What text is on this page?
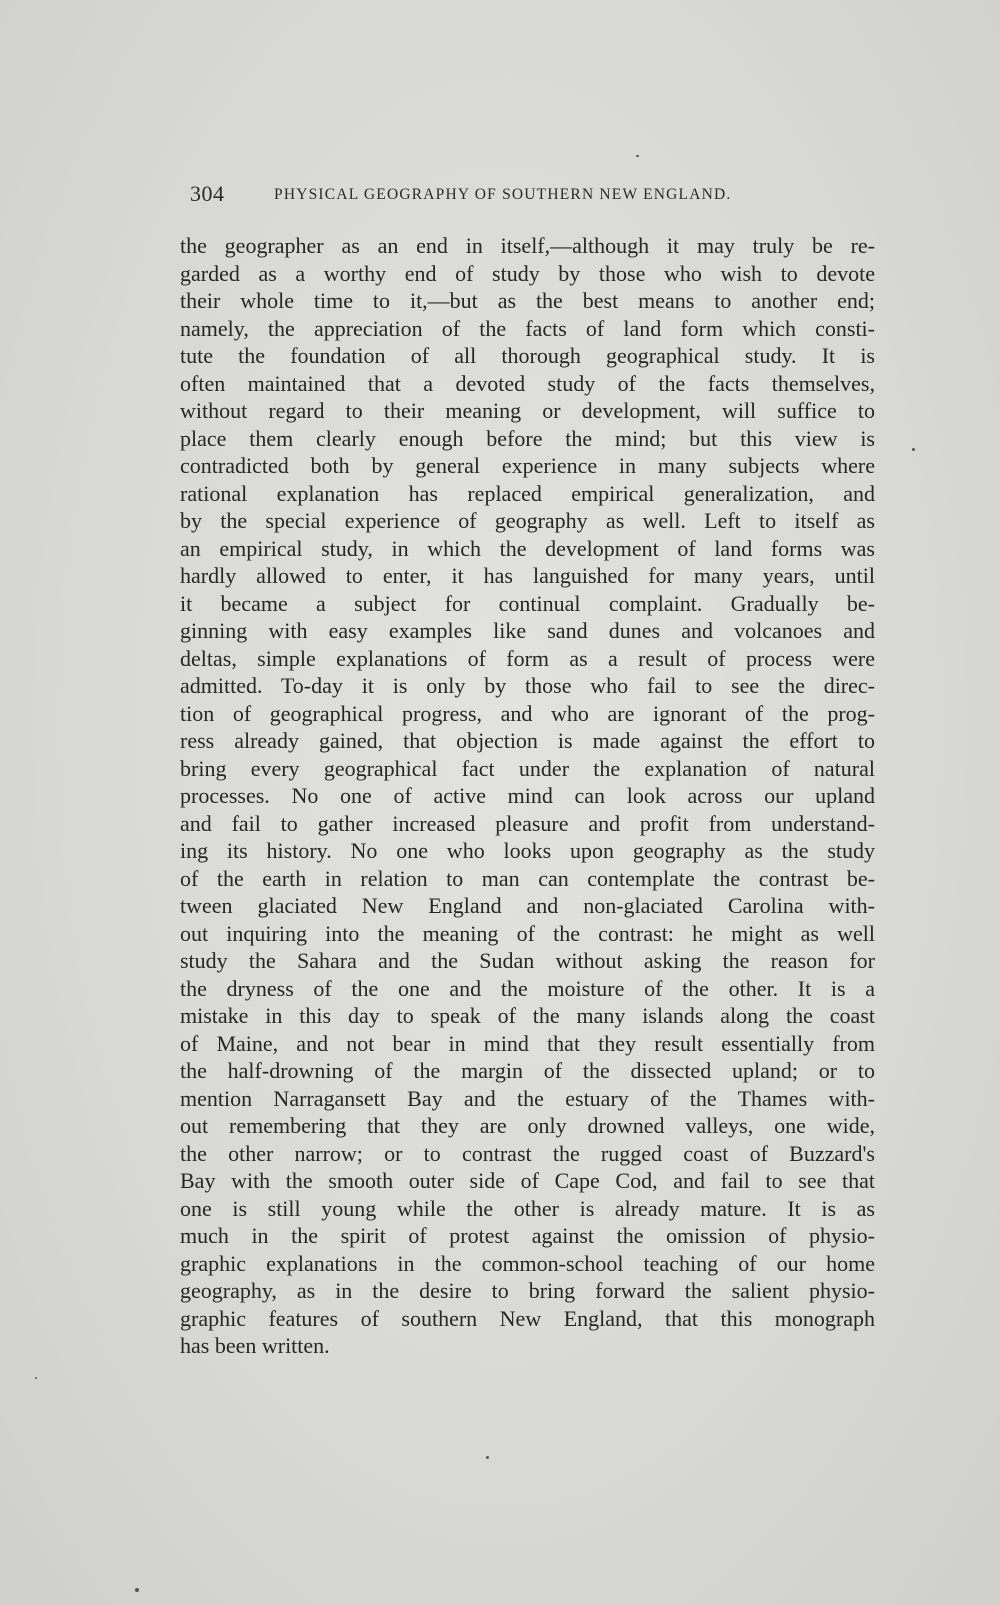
304	PHYSICAL GEOGRAPHY OF SOUTHERN NEW ENGLAND.
the geographer as an end in itself,—although it may truly be re-
garded as a worthy end of study by those who wish to devote
their whole time to it,—but as the best means to another end;
namely, the appreciation of the facts of land form which consti-
tute the foundation of all thorough geographical study. It is
often maintained that a devoted study of the facts themselves,
without regard to their meaning or development, will suffice to
place them clearly enough before the mind; but this view is
contradicted both by general experience in many subjects where
rational explanation has replaced empirical generalization, and
by the special experience of geography as well. Left to itself as
an empirical study, in which the development of land forms was
hardly allowed to enter, it has languished for many years, until
it became a subject for continual complaint. Gradually be-
ginning with easy examples like sand dunes and volcanoes and
deltas, simple explanations of form as a result of process were
admitted. To-day it is only by those who fail to see the direc-
tion of geographical progress, and who are ignorant of the prog-
ress already gained, that objection is made against the effort to
bring every geographical fact under the explanation of natural
processes. No one of active mind can look across our upland
and fail to gather increased pleasure and profit from understand-
ing its history. No one who looks upon geography as the study
of the earth in relation to man can contemplate the contrast be-
tween glaciated New England and non-glaciated Carolina with-
out inquiring into the meaning of the contrast: he might as well
study the Sahara and the Sudan without asking the reason for
the dryness of the one and the moisture of the other. It is a
mistake in this day to speak of the many islands along the coast
of Maine, and not bear in mind that they result essentially from
the half-drowning of the margin of the dissected upland; or to
mention Narragansett Bay and the estuary of the Thames with-
out remembering that they are only drowned valleys, one wide,
the other narrow; or to contrast the rugged coast of Buzzard's
Bay with the smooth outer side of Cape Cod, and fail to see that
one is still young while the other is already mature. It is as
much in the spirit of protest against the omission of physio-
graphic explanations in the common-school teaching of our home
geography, as in the desire to bring forward the salient physio-
graphic features of southern New England, that this monograph
has been written.
